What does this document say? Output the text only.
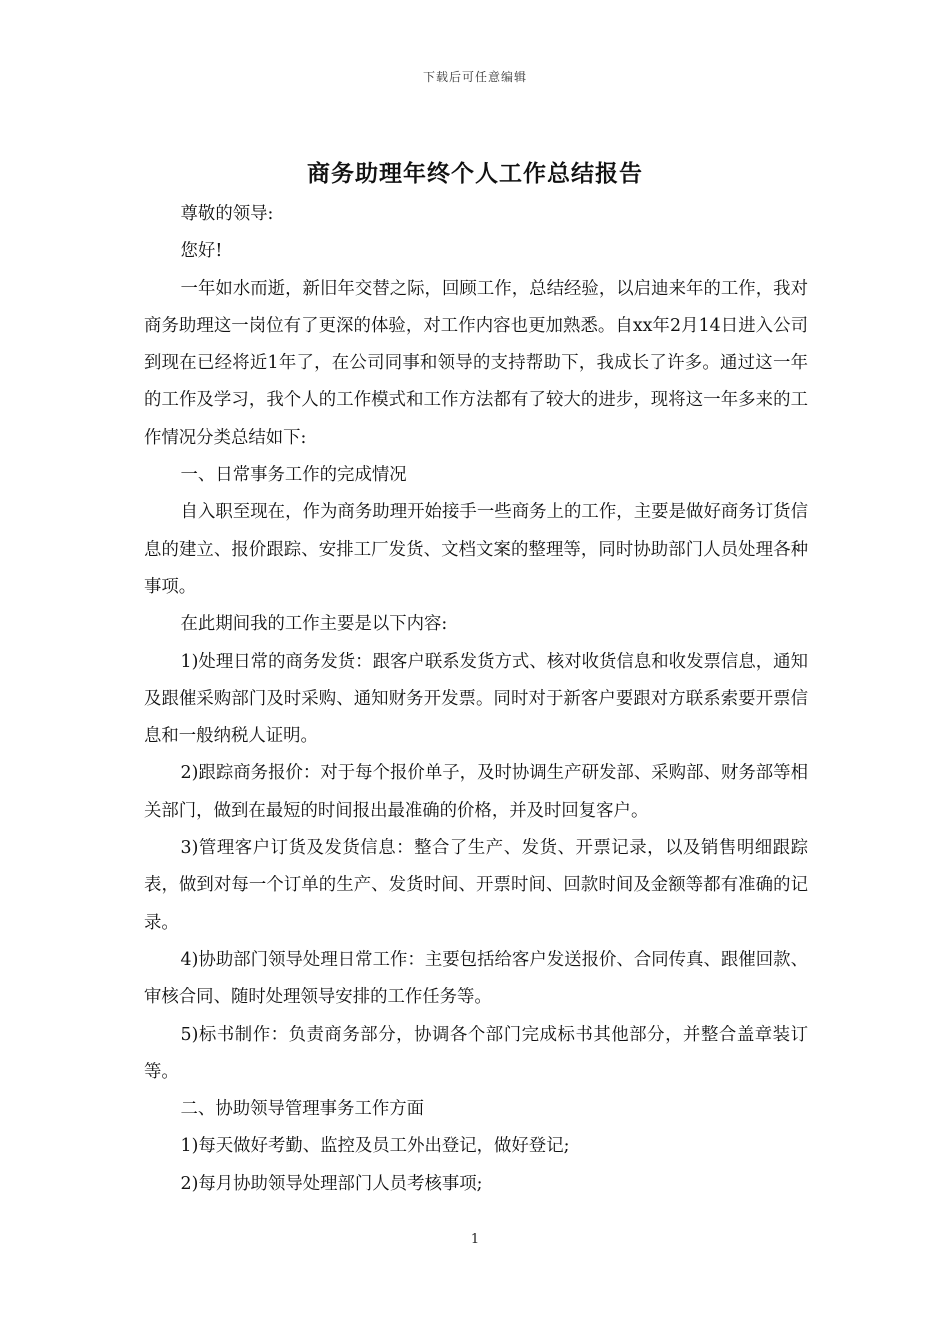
下载后可任意编辑
商务助理年终个人工作总结报告

尊敬的领导:

您好!

一年如水而逝，新旧年交替之际，回顾工作，总结经验，以启迪来年的工作，我对商务助理这一岗位有了更深的体验，对工作内容也更加熟悉。自xx年2月14日进入公司到现在已经将近1年了，在公司同事和领导的支持帮助下，我成长了许多。通过这一年的工作及学习，我个人的工作模式和工作方法都有了较大的进步，现将这一年多来的工作情况分类总结如下:

一、日常事务工作的完成情况

自入职至现在，作为商务助理开始接手一些商务上的工作，主要是做好商务订货信息的建立、报价跟踪、安排工厂发货、文档文案的整理等，同时协助部门人员处理各种事项。

在此期间我的工作主要是以下内容:

1)处理日常的商务发货：跟客户联系发货方式、核对收货信息和收发票信息，通知及跟催采购部门及时采购、通知财务开发票。同时对于新客户要跟对方联系索要开票信息和一般纳税人证明。

2)跟踪商务报价：对于每个报价单子，及时协调生产研发部、采购部、财务部等相关部门，做到在最短的时间报出最准确的价格，并及时回复客户。

3)管理客户订货及发货信息：整合了生产、发货、开票记录，以及销售明细跟踪表，做到对每一个订单的生产、发货时间、开票时间、回款时间及金额等都有准确的记录。

4)协助部门领导处理日常工作：主要包括给客户发送报价、合同传真、跟催回款、审核合同、随时处理领导安排的工作任务等。

5)标书制作：负责商务部分，协调各个部门完成标书其他部分，并整合盖章装订等。

二、协助领导管理事务工作方面

1)每天做好考勤、监控及员工外出登记，做好登记;

2)每月协助领导处理部门人员考核事项;

1
